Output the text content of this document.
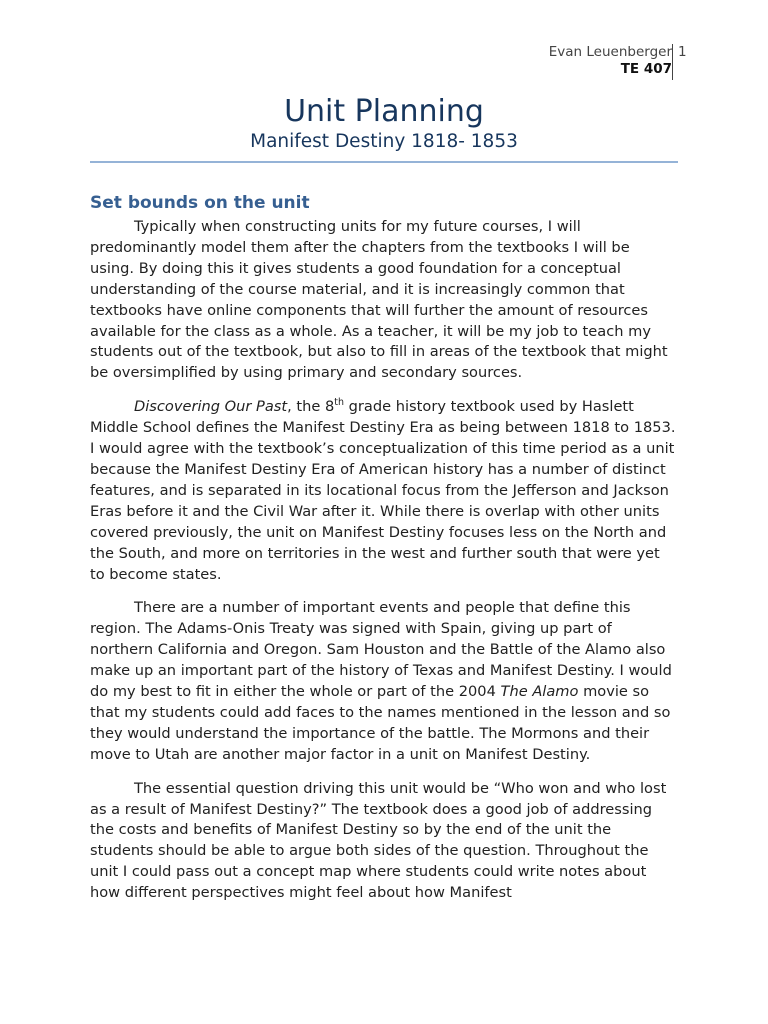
Evan Leuenberger
TE 407
1
Unit Planning
Manifest Destiny 1818- 1853
Set bounds on the unit

Typically when constructing units for my future courses, I will predominantly model them after the chapters from the textbooks I will be using. By doing this it gives students a good foundation for a conceptual understanding of the course material, and it is increasingly common that textbooks have online components that will further the amount of resources available for the class as a whole. As a teacher, it will be my job to teach my students out of the textbook, but also to fill in areas of the textbook that might be oversimplified by using primary and secondary sources.

Discovering Our Past, the 8th grade history textbook used by Haslett Middle School defines the Manifest Destiny Era as being between 1818 to 1853. I would agree with the textbook’s conceptualization of this time period as a unit because the Manifest Destiny Era of American history has a number of distinct features, and is separated in its locational focus from the Jefferson and Jackson Eras before it and the Civil War after it. While there is overlap with other units covered previously, the unit on Manifest Destiny focuses less on the North and the South, and more on territories in the west and further south that were yet to become states.

There are a number of important events and people that define this region. The Adams-Onis Treaty was signed with Spain, giving up part of northern California and Oregon. Sam Houston and the Battle of the Alamo also make up an important part of the history of Texas and Manifest Destiny. I would do my best to fit in either the whole or part of the 2004 The Alamo movie so that my students could add faces to the names mentioned in the lesson and so they would understand the importance of the battle. The Mormons and their move to Utah are another major factor in a unit on Manifest Destiny.

The essential question driving this unit would be “Who won and who lost as a result of Manifest Destiny?” The textbook does a good job of addressing the costs and benefits of Manifest Destiny so by the end of the unit the students should be able to argue both sides of the question. Throughout the unit I could pass out a concept map where students could write notes about how different perspectives might feel about how Manifest
